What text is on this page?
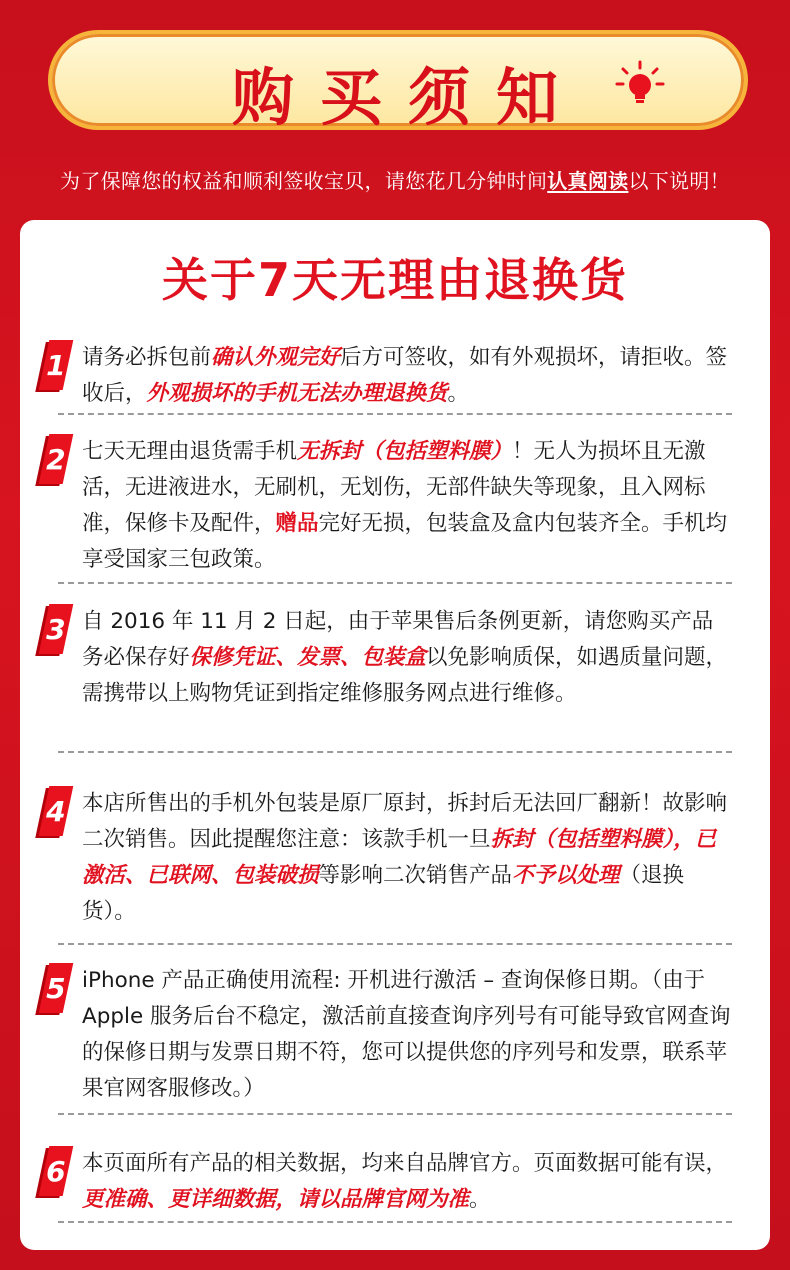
购买须知
为了保障您的权益和顺利签收宝贝，请您花几分钟时间认真阅读以下说明！
关于7天无理由退换货
1 请务必拆包前确认外观完好后方可签收，如有外观损坏，请拒收。签收后，外观损坏的手机无法办理退换货。
2 七天无理由退货需手机无拆封（包括塑料膜）！无人为损坏且无激活，无进液进水，无刷机，无划伤，无部件缺失等现象，且入网标准，保修卡及配件，赠品完好无损，包装盒及盒内包装齐全。手机均享受国家三包政策。
3 自 2016 年 11 月 2 日起，由于苹果售后条例更新，请您购买产品务必保存好保修凭证、发票、包装盒以免影响质保，如遇质量问题，需携带以上购物凭证到指定维修服务网点进行维修。
4 本店所售出的手机外包装是原厂原封，拆封后无法回厂翻新！故影响二次销售。因此提醒您注意：该款手机一旦拆封（包括塑料膜），已激活、已联网、包装破损等影响二次销售产品不予以处理（退换货）。
5 iPhone 产品正确使用流程: 开机进行激活 – 查询保修日期。（由于 Apple 服务后台不稳定，激活前直接查询序列号有可能导致官网查询的保修日期与发票日期不符，您可以提供您的序列号和发票，联系苹果官网客服修改。）
6 本页面所有产品的相关数据，均来自品牌官方。页面数据可能有误，更准确、更详细数据，请以品牌官网为准。
